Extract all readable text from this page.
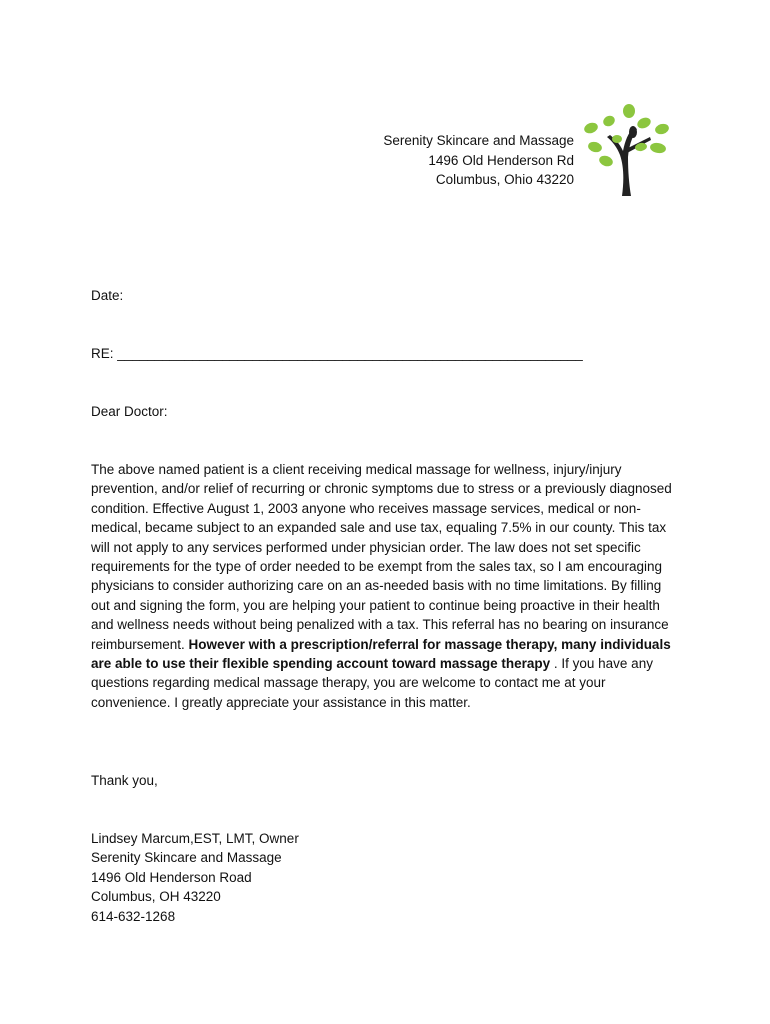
Serenity Skincare and Massage
1496 Old Henderson Rd
Columbus, Ohio 43220
Date:
RE: ______________________________________________________________
Dear Doctor:

The above named patient is a client receiving medical massage for wellness, injury/injury prevention, and/or relief of recurring or chronic symptoms due to stress or a previously diagnosed condition. Effective August 1, 2003 anyone who receives massage services, medical or non-medical, became subject to an expanded sale and use tax, equaling 7.5% in our county. This tax will not apply to any services performed under physician order. The law does not set specific requirements for the type of order needed to be exempt from the sales tax, so I am encouraging physicians to consider authorizing care on an as-needed basis with no time limitations. By filling out and signing the form, you are helping your patient to continue being proactive in their health and wellness needs without being penalized with a tax. This referral has no bearing on insurance reimbursement. However with a prescription/referral for massage therapy, many individuals are able to use their flexible spending account toward massage therapy . If you have any questions regarding medical massage therapy, you are welcome to contact me at your convenience. I greatly appreciate your assistance in this matter.

Thank you,
Lindsey Marcum,EST, LMT, Owner
Serenity Skincare and Massage
1496 Old Henderson Road
Columbus, OH 43220
614-632-1268
